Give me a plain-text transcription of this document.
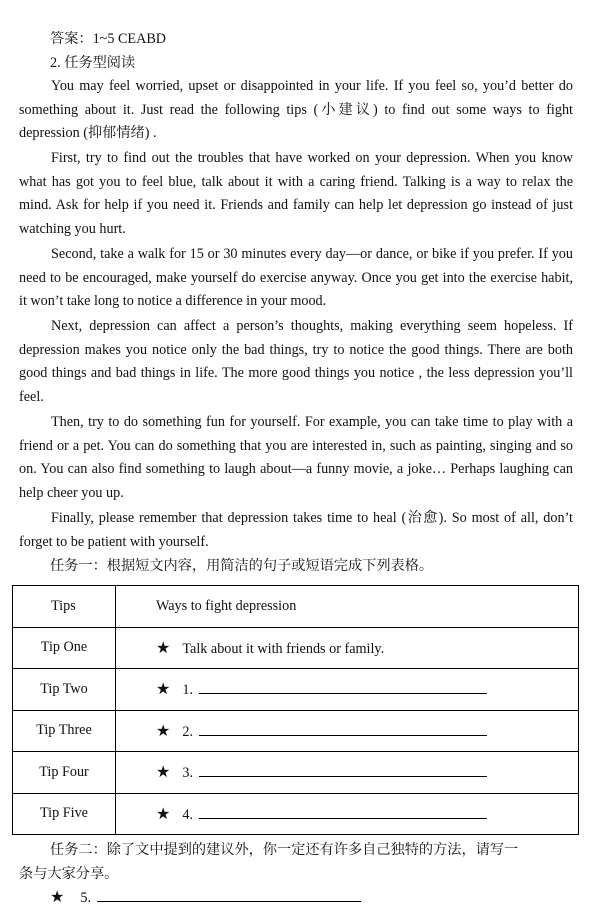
答案：1~5 CEABD
2. 任务型阅读
You may feel worried, upset or disappointed in your life. If you feel so, you’d better do something about it. Just read the following tips (小建议) to find out some ways to fight depression (抑郁情绪) .
First, try to find out the troubles that have worked on your depression. When you know what has got you to feel blue, talk about it with a caring friend. Talking is a way to relax the mind. Ask for help if you need it. Friends and family can help let depression go instead of just watching you hurt.
Second, take a walk for 15 or 30 minutes every day—or dance, or bike if you prefer. If you need to be encouraged, make yourself do exercise anyway. Once you get into the exercise habit, it won’t take long to notice a difference in your mood.
Next, depression can affect a person’s thoughts, making everything seem hopeless. If depression makes you notice only the bad things, try to notice the good things. There are both good things and bad things in life. The more good things you notice , the less depression you’ll feel.
Then, try to do something fun for yourself. For example, you can take time to play with a friend or a pet. You can do something that you are interested in, such as painting, singing and so on. You can also find something to laugh about—a funny movie, a joke… Perhaps laughing can help cheer you up.
Finally, please remember that depression takes time to heal (治愈). So most of all, don’t forget to be patient with yourself.
任务一：根据短文内容，用简洁的句子或短语完成下列表格。
Tips	Ways to fight depression
Tip One	★ Talk about it with friends or family.
Tip Two	★ 1.
Tip Three	★ 2.
Tip Four	★ 3.
Tip Five	★ 4.
任务二：除了文中提到的建议外，你一定还有许多自己独特的方法，请写一
条与大家分享。
★ 5.
